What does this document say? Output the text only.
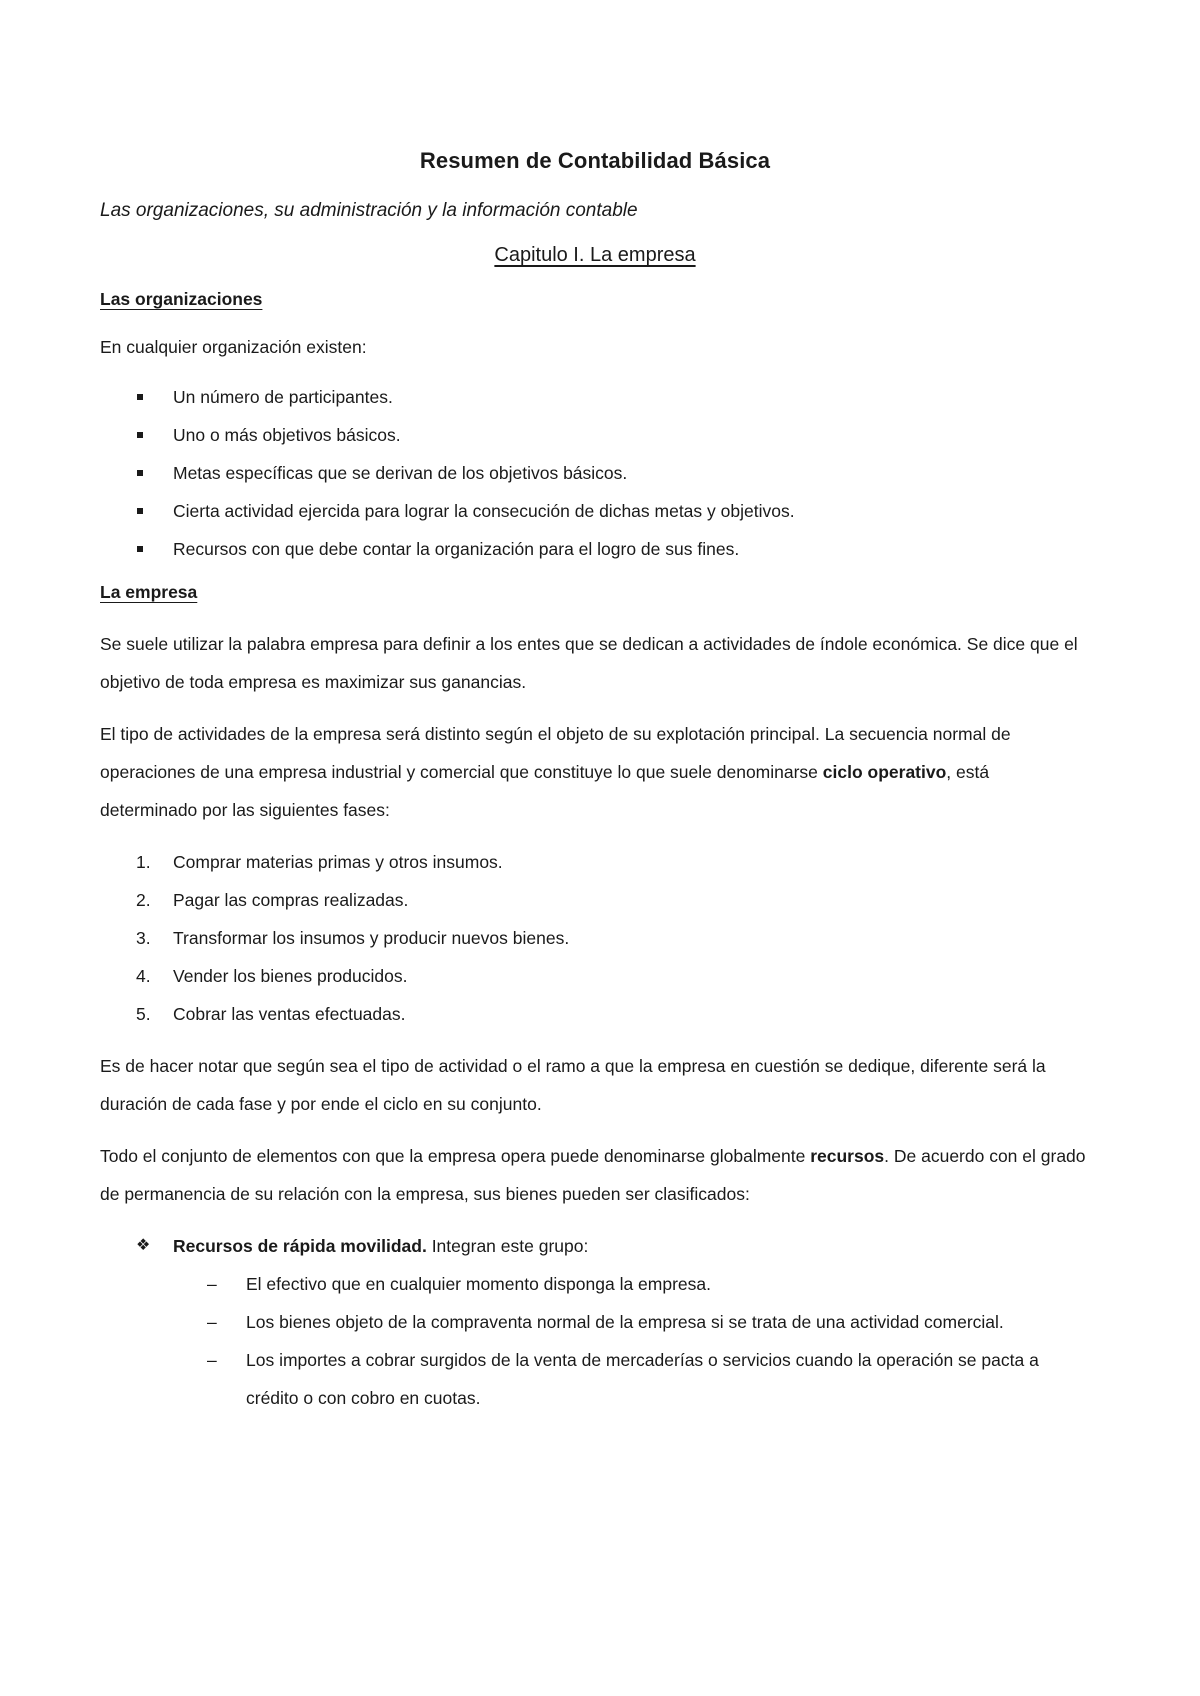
Resumen de Contabilidad Básica
Las organizaciones, su administración y la información contable
Capitulo I. La empresa
Las organizaciones

En cualquier organización existen:

Un número de participantes.
Uno o más objetivos básicos.
Metas específicas que se derivan de los objetivos básicos.
Cierta actividad ejercida para lograr la consecución de dichas metas y objetivos.
Recursos con que debe contar la organización para el logro de sus fines.
La empresa

Se suele utilizar la palabra empresa para definir a los entes que se dedican a actividades de índole económica. Se dice que el objetivo de toda empresa es maximizar sus ganancias.

El tipo de actividades de la empresa será distinto según el objeto de su explotación principal. La secuencia normal de operaciones de una empresa industrial y comercial que constituye lo que suele denominarse ciclo operativo, está determinado por las siguientes fases:

1. Comprar materias primas y otros insumos.
2. Pagar las compras realizadas.
3. Transformar los insumos y producir nuevos bienes.
4. Vender los bienes producidos.
5. Cobrar las ventas efectuadas.

Es de hacer notar que según sea el tipo de actividad o el ramo a que la empresa en cuestión se dedique, diferente será la duración de cada fase y por ende el ciclo en su conjunto.

Todo el conjunto de elementos con que la empresa opera puede denominarse globalmente recursos. De acuerdo con el grado de permanencia de su relación con la empresa, sus bienes pueden ser clasificados:

❖ Recursos de rápida movilidad. Integran este grupo:
– El efectivo que en cualquier momento disponga la empresa.
– Los bienes objeto de la compraventa normal de la empresa si se trata de una actividad comercial.
– Los importes a cobrar surgidos de la venta de mercaderías o servicios cuando la operación se pacta a crédito o con cobro en cuotas.
